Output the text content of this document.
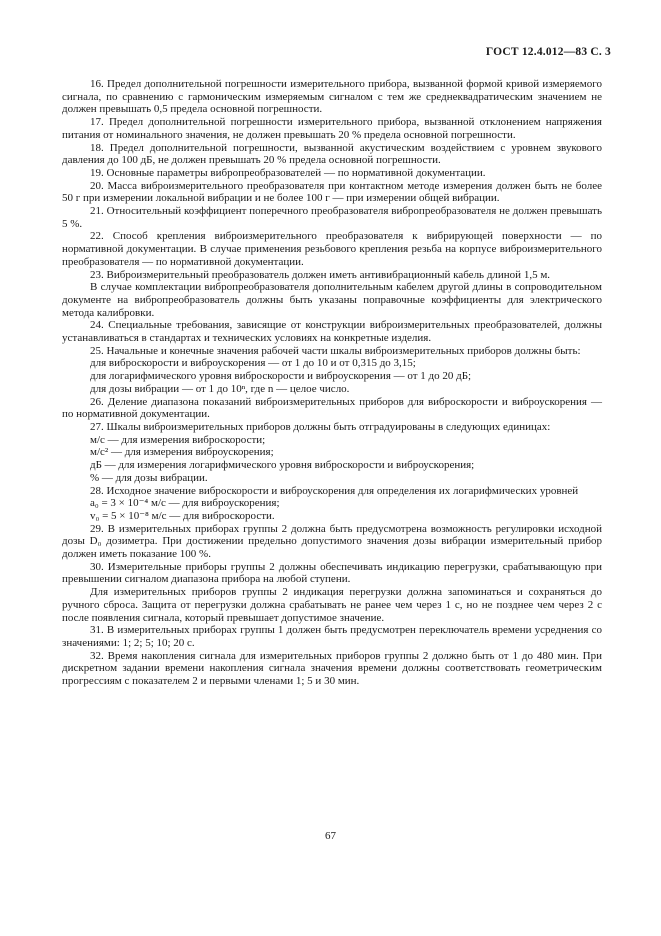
ГОСТ 12.4.012—83 С. 3

16. Предел дополнительной погрешности измерительного прибора, вызванной формой кривой измеряемого сигнала, по сравнению с гармоническим измеряемым сигналом с тем же среднеквадратическим значением не должен превышать 0,5 предела основной погрешности.

17. Предел дополнительной погрешности измерительного прибора, вызванной отклонением напряжения питания от номинального значения, не должен превышать 20 % предела основной погрешности.

18. Предел дополнительной погрешности, вызванной акустическим воздействием с уровнем звукового давления до 100 дБ, не должен превышать 20 % предела основной погрешности.

19. Основные параметры вибропреобразователей — по нормативной документации.

20. Масса виброизмерительного преобразователя при контактном методе измерения должен быть не более 50 г при измерении локальной вибрации и не более 100 г — при измерении общей вибрации.

21. Относительный коэффициент поперечного преобразователя вибропреобразователя не должен превышать 5 %.

22. Способ крепления виброизмерительного преобразователя к вибрирующей поверхности — по нормативной документации. В случае применения резьбового крепления резьба на корпусе виброизмерительного преобразователя — по нормативной документации.

23. Виброизмерительный преобразователь должен иметь антивибрационный кабель длиной 1,5 м.

В случае комплектации вибропреобразователя дополнительным кабелем другой длины в сопроводительном документе на вибропреобразователь должны быть указаны поправочные коэффициенты для электрического метода калибровки.

24. Специальные требования, зависящие от конструкции виброизмерительных преобразователей, должны устанавливаться в стандартах и технических условиях на конкретные изделия.

25. Начальные и конечные значения рабочей части шкалы виброизмерительных приборов должны быть:

для виброскорости и виброускорения — от 1 до 10 и от 0,315 до 3,15;

для логарифмического уровня виброскорости и виброускорения — от 1 до 20 дБ;

для дозы вибрации — от 1 до 10ⁿ, где n — целое число.

26. Деление диапазона показаний виброизмерительных приборов для виброскорости и виброускорения — по нормативной документации.

27. Шкалы виброизмерительных приборов должны быть отградуированы в следующих единицах:

м/с — для измерения виброскорости;

м/с² — для измерения виброускорения;

дБ — для измерения логарифмического уровня виброскорости и виброускорения;

% — для дозы вибрации.

28. Исходное значение виброскорости и виброускорения для определения их логарифмических уровней

a₀ = 3 × 10⁻⁴ м/с — для виброускорения;

v₀ = 5 × 10⁻⁸ м/с — для виброскорости.

29. В измерительных приборах группы 2 должна быть предусмотрена возможность регулировки исходной дозы D₀ дозиметра. При достижении предельно допустимого значения дозы вибрации измерительный прибор должен иметь показание 100 %.

30. Измерительные приборы группы 2 должны обеспечивать индикацию перегрузки, срабатывающую при превышении сигналом диапазона прибора на любой ступени.

Для измерительных приборов группы 2 индикация перегрузки должна запоминаться и сохраняться до ручного сброса. Защита от перегрузки должна срабатывать не ранее чем через 1 с, но не позднее чем через 2 с после появления сигнала, который превышает допустимое значение.

31. В измерительных приборах группы 1 должен быть предусмотрен переключатель времени усреднения со значениями: 1; 2; 5; 10; 20 с.

32. Время накопления сигнала для измерительных приборов группы 2 должно быть от 1 до 480 мин. При дискретном задании времени накопления сигнала значения времени должны соответствовать геометрическим прогрессиям с показателем 2 и первыми членами 1; 5 и 30 мин.

67
